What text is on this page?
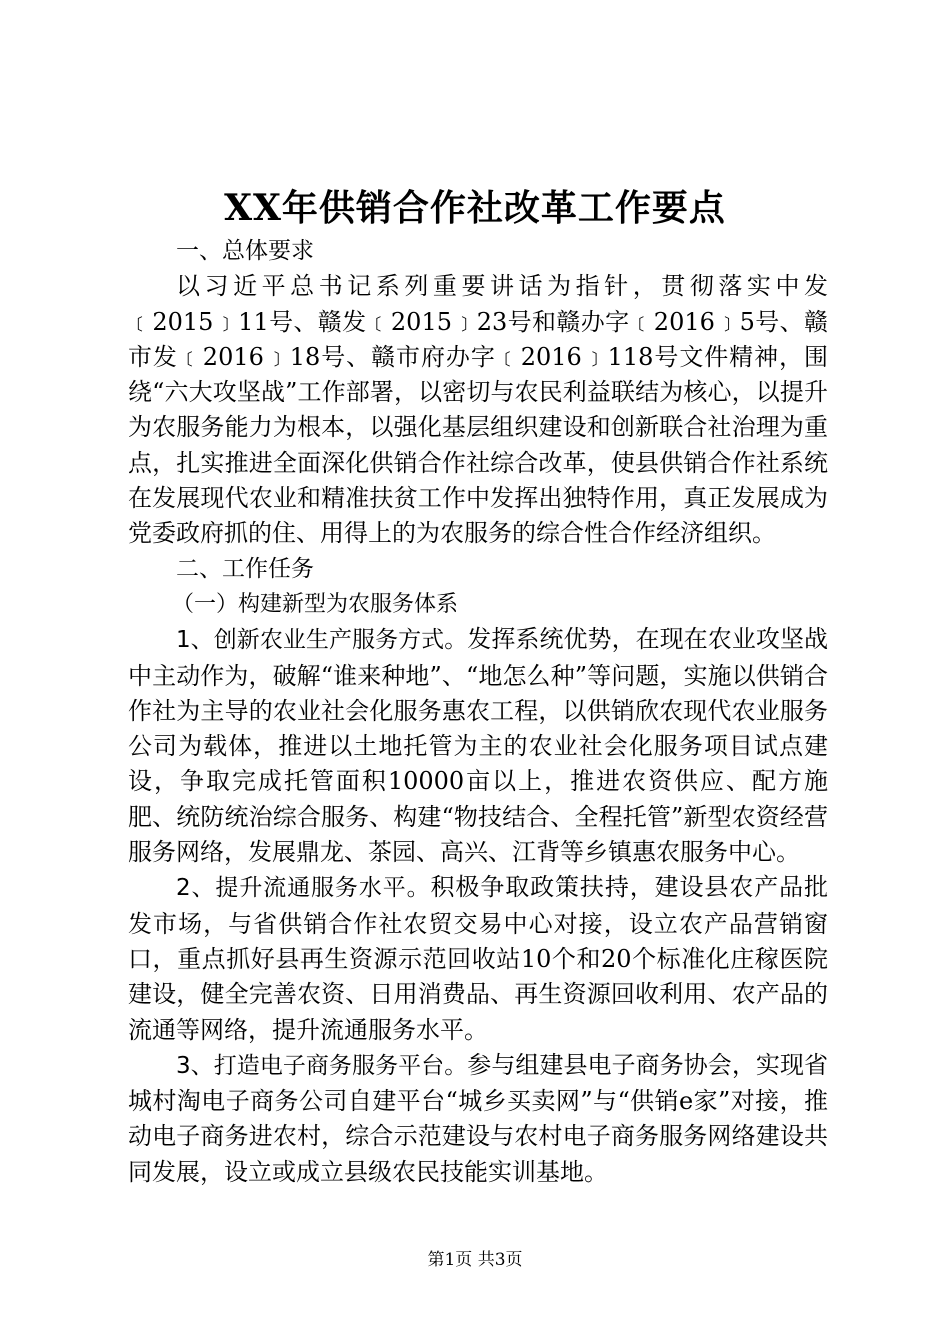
XX年供销合作社改革工作要点

一、总体要求

以习近平总书记系列重要讲话为指针，贯彻落实中发﹝2015﹞11号、赣发﹝2015﹞23号和赣办字﹝2016﹞5号、赣市发﹝2016﹞18号、赣市府办字﹝2016﹞118号文件精神，围绕“六大攻坚战”工作部署，以密切与农民利益联结为核心，以提升为农服务能力为根本，以强化基层组织建设和创新联合社治理为重点，扎实推进全面深化供销合作社综合改革，使县供销合作社系统在发展现代农业和精准扶贫工作中发挥出独特作用，真正发展成为党委政府抓的住、用得上的为农服务的综合性合作经济组织。

二、工作任务

（一）构建新型为农服务体系

1、创新农业生产服务方式。发挥系统优势，在现在农业攻坚战中主动作为，破解“谁来种地”、“地怎么种”等问题，实施以供销合作社为主导的农业社会化服务惠农工程，以供销欣农现代农业服务公司为载体，推进以土地托管为主的农业社会化服务项目试点建设，争取完成托管面积10000亩以上，推进农资供应、配方施肥、统防统治综合服务、构建“物技结合、全程托管”新型农资经营服务网络，发展鼎龙、茶园、高兴、江背等乡镇惠农服务中心。

2、提升流通服务水平。积极争取政策扶持，建设县农产品批发市场，与省供销合作社农贸交易中心对接，设立农产品营销窗口，重点抓好县再生资源示范回收站10个和20个标准化庄稼医院建设，健全完善农资、日用消费品、再生资源回收利用、农产品的流通等网络，提升流通服务水平。

3、打造电子商务服务平台。参与组建县电子商务协会，实现省城村淘电子商务公司自建平台“城乡买卖网”与“供销e家”对接，推动电子商务进农村，综合示范建设与农村电子商务服务网络建设共同发展，设立或成立县级农民技能实训基地。

第1页 共3页
